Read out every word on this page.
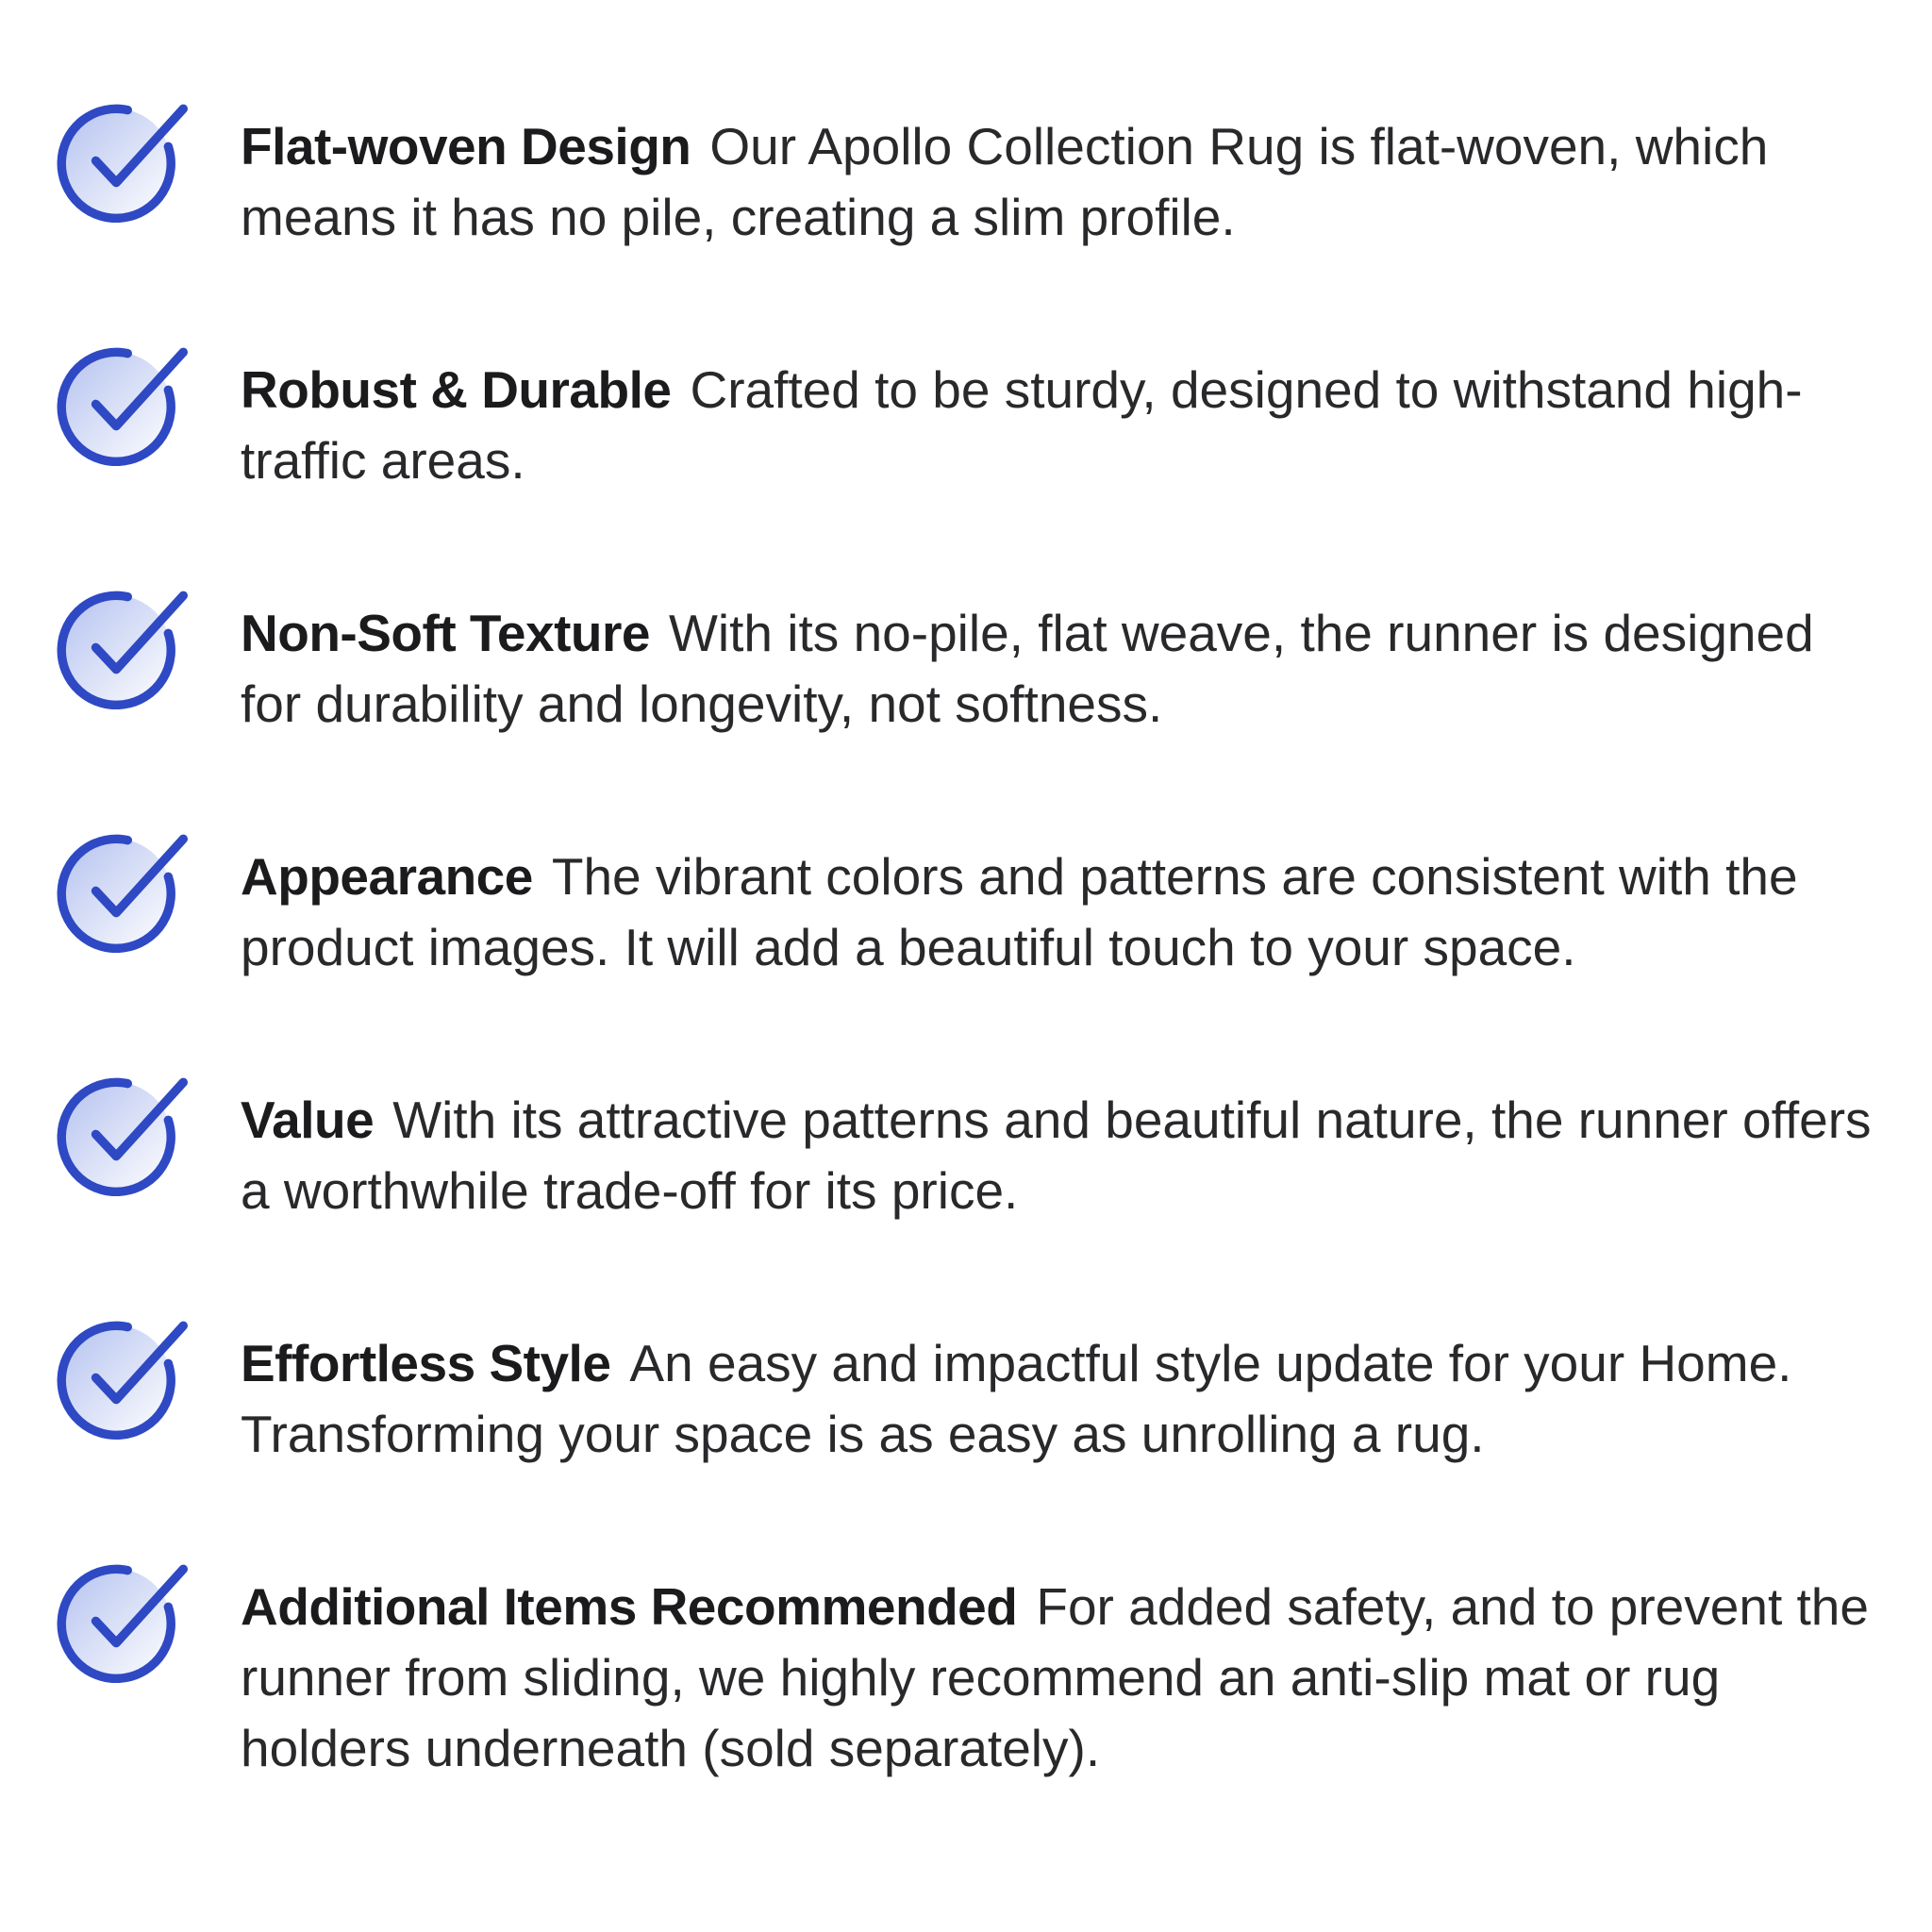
Flat-woven Design Our Apollo Collection Rug is flat-woven, which means it has no pile, creating a slim profile.

Robust & Durable Crafted to be sturdy, designed to withstand high-traffic areas.

Non-Soft Texture With its no-pile, flat weave, the runner is designed for durability and longevity, not softness.

Appearance The vibrant colors and patterns are consistent with the product images. It will add a beautiful touch to your space.

Value With its attractive patterns and beautiful nature, the runner offers a worthwhile trade-off for its price.

Effortless Style An easy and impactful style update for your Home. Transforming your space is as easy as unrolling a rug.

Additional Items Recommended For added safety, and to prevent the runner from sliding, we highly recommend an anti-slip mat or rug holders underneath (sold separately).
